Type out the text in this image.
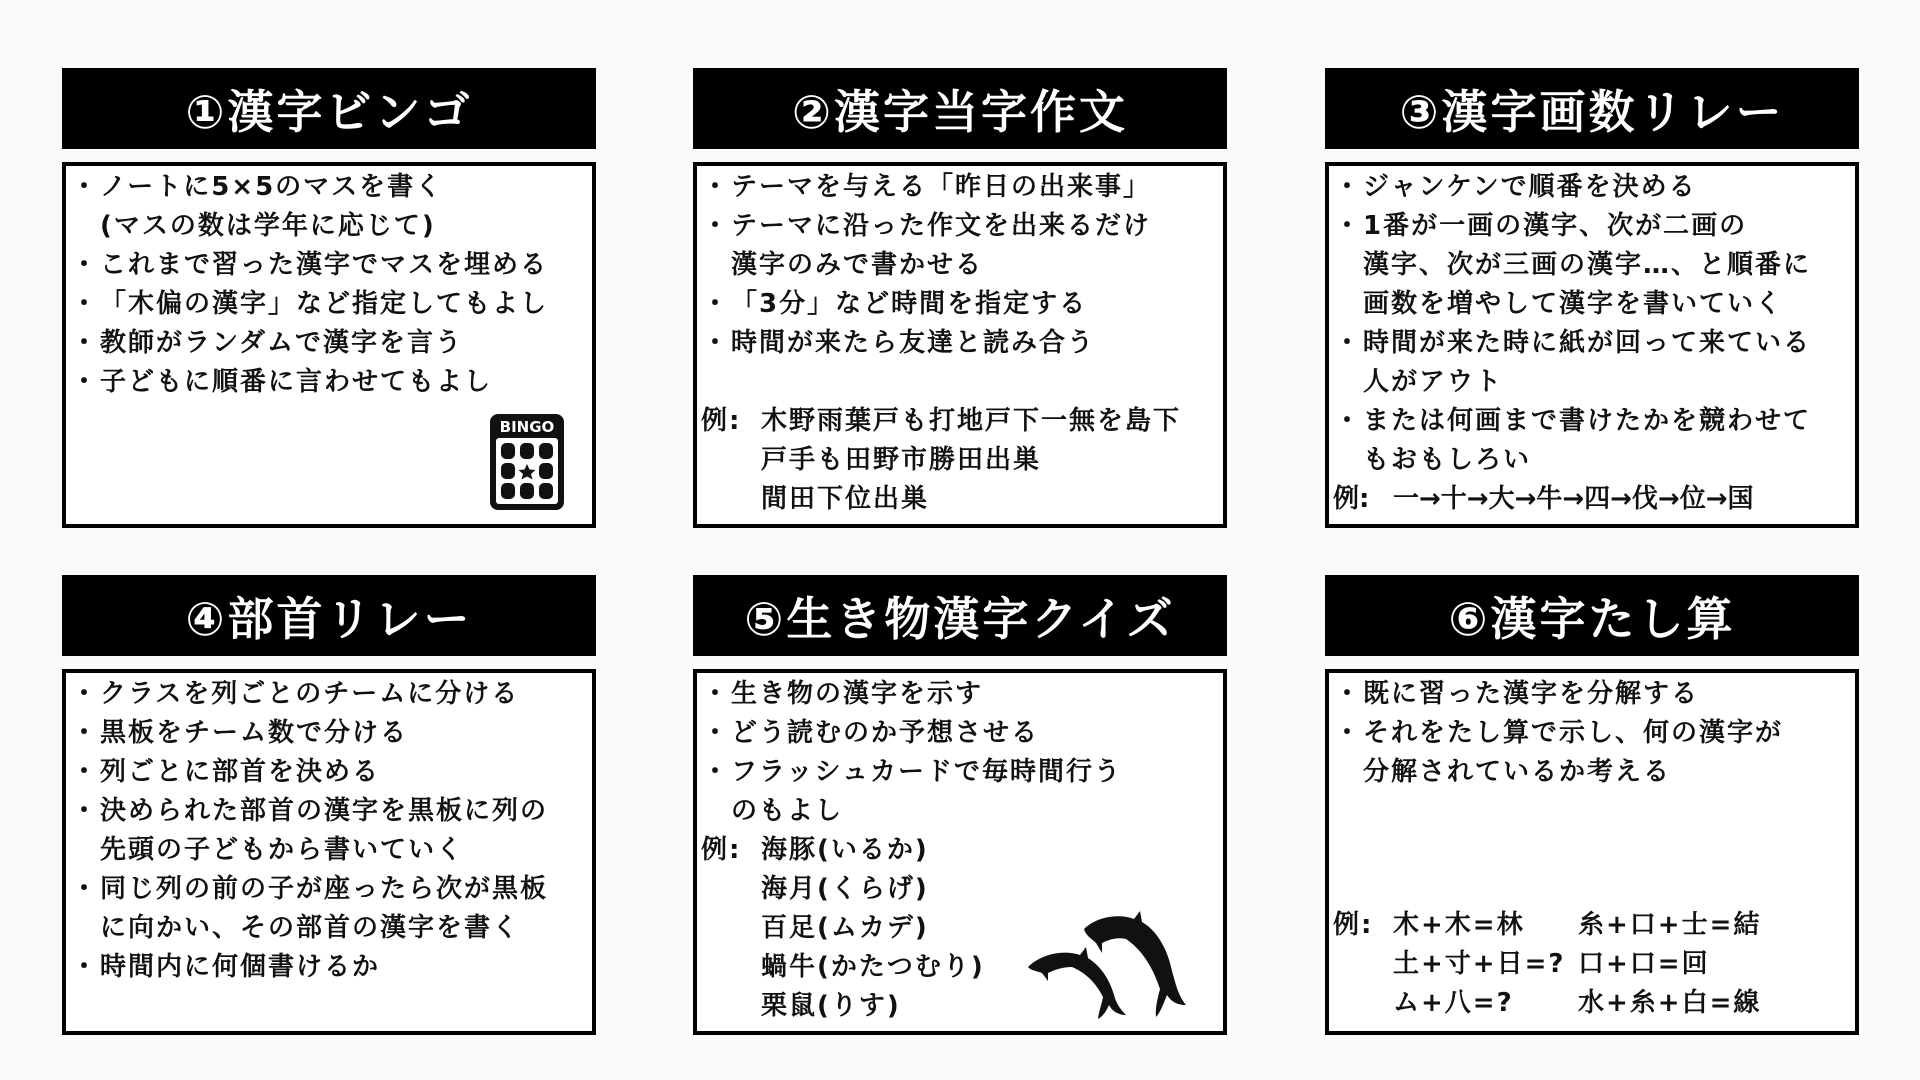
①漢字ビンゴ
・ノートに5×5のマスを書く
(マスの数は学年に応じて)
・これまで習った漢字でマスを埋める
・「木偏の漢字」など指定してもよし
・教師がランダムで漢字を言う
・子どもに順番に言わせてもよし
BINGO
②漢字当字作文
・テーマを与える「昨日の出来事」
・テーマに沿った作文を出来るだけ
漢字のみで書かせる
・「3分」など時間を指定する
・時間が来たら友達と読み合う
例: 木野雨葉戸も打地戸下一無を島下
戸手も田野市勝田出巣
間田下位出巣
③漢字画数リレー
・ジャンケンで順番を決める
・1番が一画の漢字、次が二画の
漢字、次が三画の漢字…、と順番に
画数を増やして漢字を書いていく
・時間が来た時に紙が回って来ている
人がアウト
・または何画まで書けたかを競わせて
もおもしろい
例: 一→十→大→牛→四→伐→位→国
④部首リレー
・クラスを列ごとのチームに分ける
・黒板をチーム数で分ける
・列ごとに部首を決める
・決められた部首の漢字を黒板に列の
先頭の子どもから書いていく
・同じ列の前の子が座ったら次が黒板
に向かい、その部首の漢字を書く
・時間内に何個書けるか
⑤生き物漢字クイズ
・生き物の漢字を示す
・どう読むのか予想させる
・フラッシュカードで毎時間行う
のもよし
例: 海豚(いるか)
海月(くらげ)
百足(ムカデ)
蝸牛(かたつむり)
栗鼠(りす)
⑥漢字たし算
・既に習った漢字を分解する
・それをたし算で示し、何の漢字が
分解されているか考える
例: 木+木=林 糸+口+士=結
土+寸+日=? 口+口=回
ム+八=? 水+糸+白=線
